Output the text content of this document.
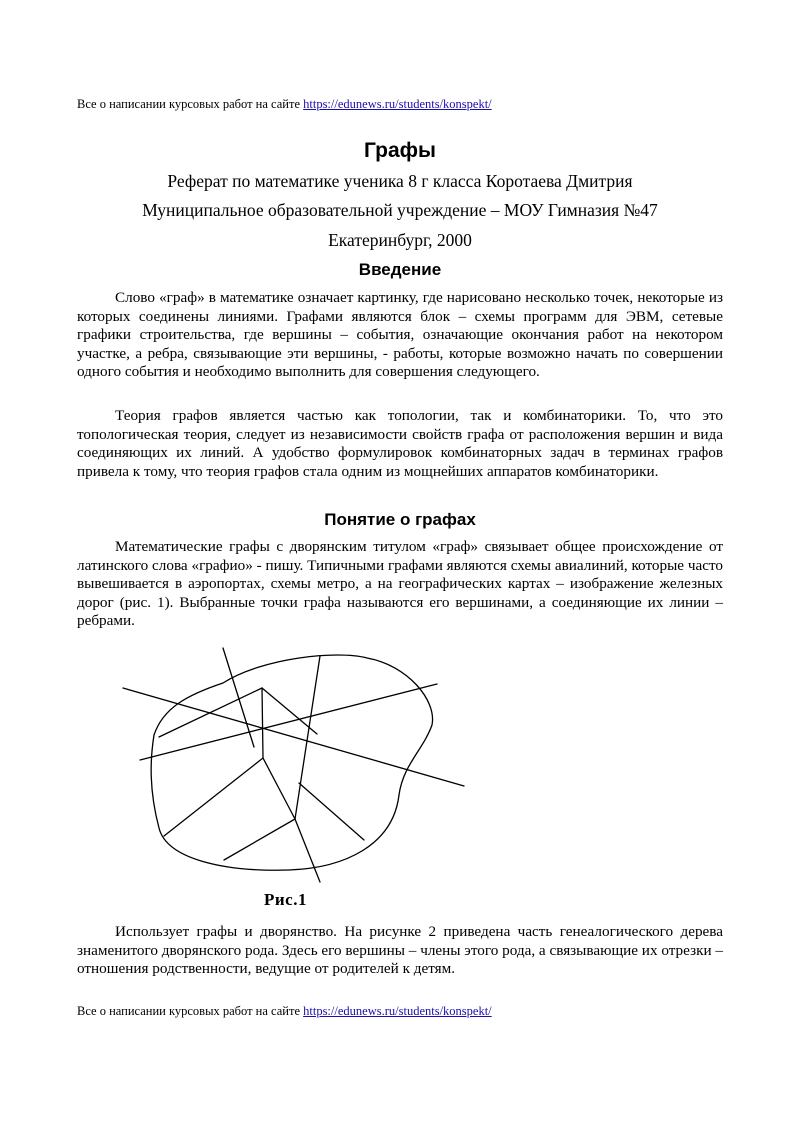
Все о написании курсовых работ на сайте https://edunews.ru/students/konspekt/
Графы
Реферат по математике ученика 8 г класса Коротаева Дмитрия
Муниципальное образовательной учреждение – МОУ Гимназия №47
Екатеринбург, 2000
Введение

Слово «граф» в математике означает картинку, где нарисовано несколько точек, некоторые из которых соединены линиями. Графами являются блок – схемы программ для ЭВМ, сетевые графики строительства, где вершины – события, означающие окончания работ на некотором участке, а ребра, связывающие эти вершины, - работы, которые возможно начать по совершении одного события и необходимо выполнить для совершения следующего.

Теория графов является частью как топологии, так и комбинаторики. То, что это топологическая теория, следует из независимости свойств графа от расположения вершин и вида соединяющих их линий. А удобство формулировок комбинаторных задач в терминах графов привела к тому, что теория графов стала одним из мощнейших аппаратов комбинаторики.

Понятие о графах

Математические графы с дворянским титулом «граф» связывает общее происхождение от латинского слова «графио» - пишу. Типичными графами являются схемы авиалиний, которые часто вывешивается в аэропортах, схемы метро, а на географических картах – изображение железных дорог (рис. 1). Выбранные точки графа называются его вершинами, а соединяющие их линии – ребрами.

Рис.1

Использует графы и дворянство. На рисунке 2 приведена часть генеалогического дерева знаменитого дворянского рода. Здесь его вершины – члены этого рода, а связывающие их отрезки – отношения родственности, ведущие от родителей к детям.

Все о написании курсовых работ на сайте https://edunews.ru/students/konspekt/
